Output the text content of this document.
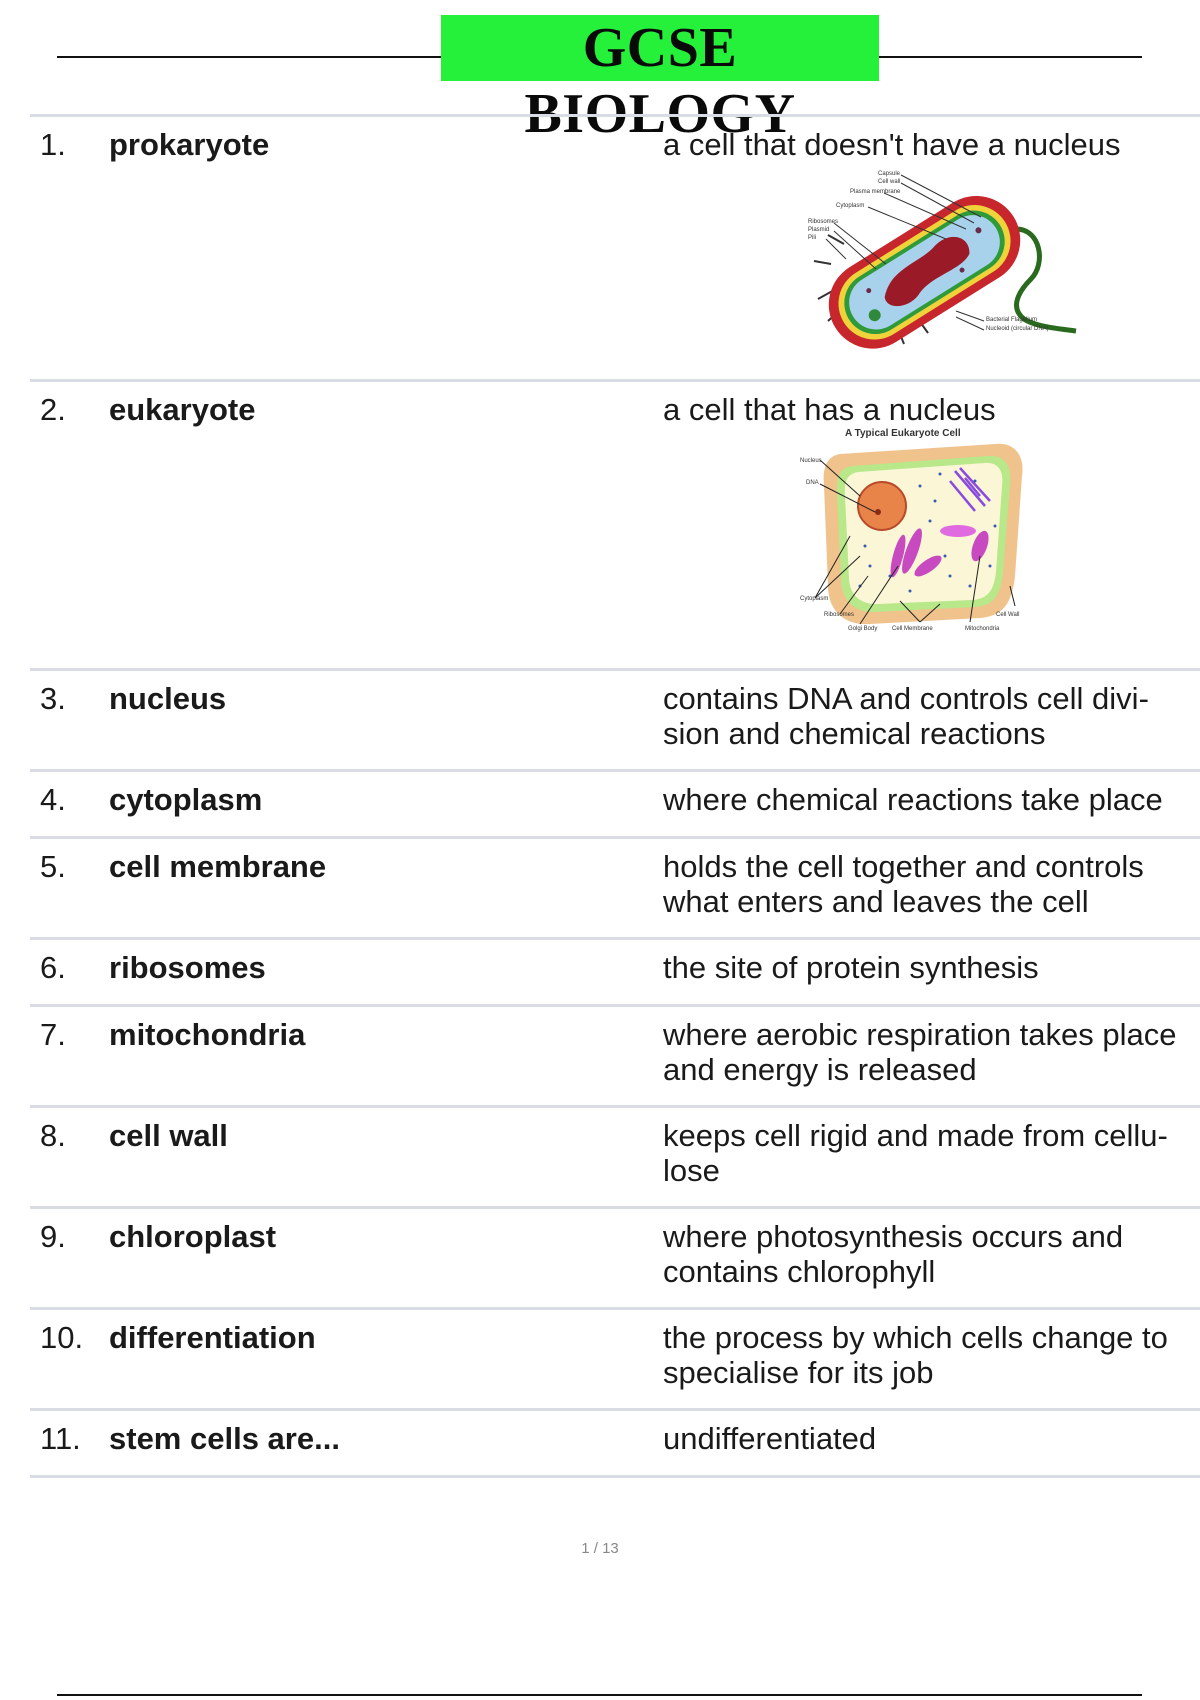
GCSE BIOLOGY
1. prokaryote	a cell that doesn't have a nucleus
Capsule
Cell wall
Plasma membrane
Cytoplasm
Ribosomes
Plasmid
Pili
Bacterial Flagellum
Nucleoid (circular DNA)
2. eukaryote	a cell that has a nucleus
A Typical Eukaryote Cell
Nucleus
DNA
Cytoplasm
Ribosomes
Golgi Body Cell Membrane	Mitochondria
Cell Wall
3. nucleus	contains DNA and controls cell divi-
sion and chemical reactions
4. cytoplasm	where chemical reactions take place
5. cell membrane	holds the cell together and controls
what enters and leaves the cell
6. ribosomes	the site of protein synthesis
7. mitochondria	where aerobic respiration takes place
and energy is released
8. cell wall	keeps cell rigid and made from cellu-
lose
9. chloroplast	where photosynthesis occurs and
contains chlorophyll
10. differentiation	the process by which cells change to
specialise for its job
11. stem cells are...	undifferentiated
1 / 13
